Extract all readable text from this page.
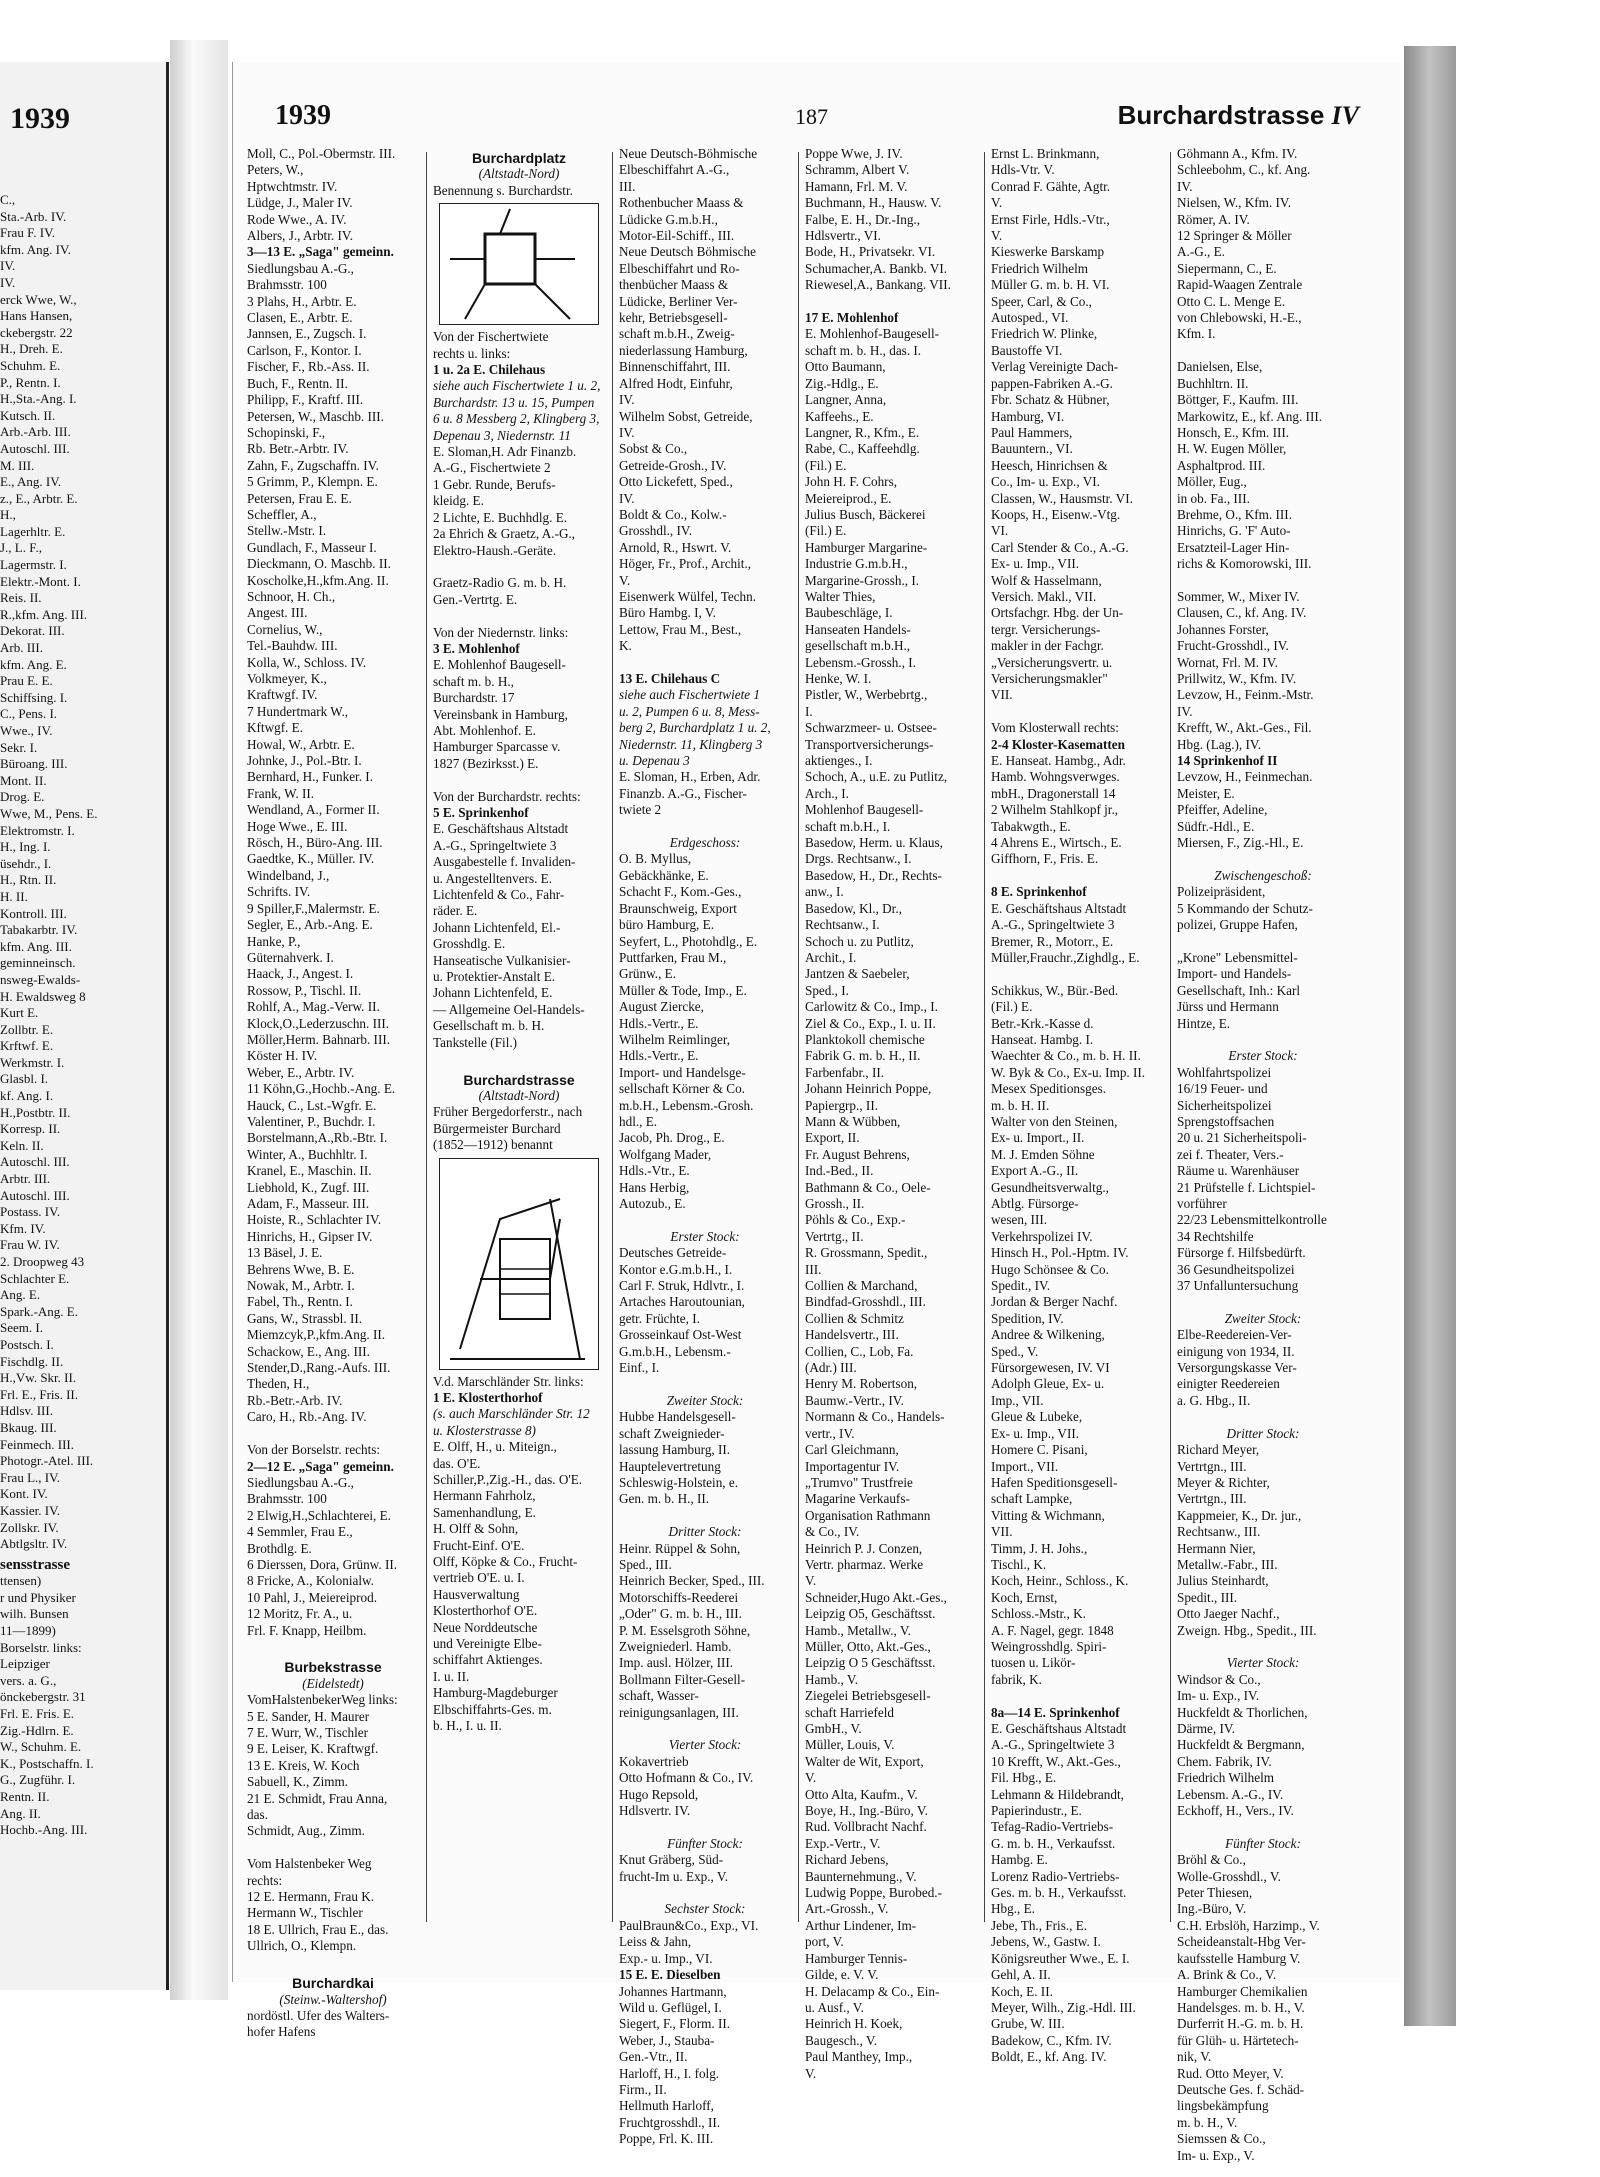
1939
C.,
Sta.-Arb. IV.
Frau F. IV.
kfm. Ang. IV.
IV.
IV.
erck Wwe, W.,
Hans Hansen,
ckebergstr. 22
H., Dreh. E.
Schuhm. E.
P., Rentn. I.
H.,Sta.-Ang. I.
Kutsch. II.
Arb.-Arb. III.
Autoschl. III.
M. III.
E., Ang. IV.
z., E., Arbtr. E.
H.,
Lagerhltr. E.
J., L. F.,
Lagermstr. I.
Elektr.-Mont. I.
Reis. II.
R.,kfm. Ang. III.
Dekorat. III.
Arb. III.
kfm. Ang. E.
Prau E. E.
Schiffsing. I.
C., Pens. I.
Wwe., IV.
Sekr. I.
Büroang. III.
Mont. II.
Drog. E.
Wwe, M., Pens. E.
Elektromstr. I.
H., Ing. I.
üsehdr., I.
H., Rtn. II.
H. II.
Kontroll. III.
Tabakarbtr. IV.
kfm. Ang. III.
geminneinsch.
nsweg-Ewalds-
H. Ewaldsweg 8
Kurt E.
Zollbtr. E.
Krftwf. E.
Werkmstr. I.
Glasbl. I.
kf. Ang. I.
H.,Postbtr. II.
Korresp. II.
Keln. II.
Autoschl. III.
Arbtr. III.
Autoschl. III.
Postass. IV.
Kfm. IV.
Frau W. IV.
2. Droopweg 43
Schlachter E.
Ang. E.
Spark.-Ang. E.
Seem. I.
Postsch. I.
Fischdlg. II.
H.,Vw. Skr. II.
Frl. E., Fris. II.
Hdlsv. III.
Bkaug. III.
Feinmech. III.
Photogr.-Atel. III.
Frau L., IV.
Kont. IV.
Kassier. IV.
Zollskr. IV.
Abtlgsltr. IV.
sensstrasse
ttensen)
r und Physiker
wilh. Bunsen
11—1899)
Borselstr. links:
Leipziger
vers. a. G.,
önckebergstr. 31
Frl. E. Fris. E.
Zig.-Hdlrn. E.
W., Schuhm. E.
K., Postschaffn. I.
G., Zugführ. I.
Rentn. II.
Ang. II.
Hochb.-Ang. III.
1939	187	Burchardstrasse IV
Moll, C., Pol.-Obermstr. III.
Peters, W.,
Hptwchtmstr. IV.
Lüdge, J., Maler IV.
Rode Wwe., A. IV.
Albers, J., Arbtr. IV.
3—13 E. „Saga" gemeinn.
Siedlungsbau A.-G.,
Brahmsstr. 100
3 Plahs, H., Arbtr. E.
Clasen, E., Arbtr. E.
Jannsen, E., Zugsch. I.
Carlson, F., Kontor. I.
Fischer, F., Rb.-Ass. II.
Buch, F., Rentn. II.
Philipp, F., Kraftf. III.
Petersen, W., Maschb. III.
Schopinski, F.,
Rb. Betr.-Arbtr. IV.
Zahn, F., Zugschaffn. IV.
5 Grimm, P., Klempn. E.
Petersen, Frau E. E.
Scheffler, A.,
Stellw.-Mstr. I.
Gundlach, F., Masseur I.
Dieckmann, O. Maschb. II.
Koscholke,H.,kfm.Ang. II.
Schnoor, H. Ch.,
Angest. III.
Cornelius, W.,
Tel.-Bauhdw. III.
Kolla, W., Schloss. IV.
Volkmeyer, K.,
Kraftwgf. IV.
7 Hundertmark W.,
Kftwgf. E.
Howal, W., Arbtr. E.
Johnke, J., Pol.-Btr. I.
Bernhard, H., Funker. I.
Frank, W. II.
Wendland, A., Former II.
Hoge Wwe., E. III.
Rösch, H., Büro-Ang. III.
Gaedtke, K., Müller. IV.
Windelband, J.,
Schrifts. IV.
9 Spiller,F.,Malermstr. E.
Segler, E., Arb.-Ang. E.
Hanke, P.,
Güternahverk. I.
Haack, J., Angest. I.
Rossow, P., Tischl. II.
Rohlf, A., Mag.-Verw. II.
Klock,O.,Lederzuschn. III.
Möller,Herm. Bahnarb. III.
Köster H. IV.
Weber, E., Arbtr. IV.
11 Köhn,G.,Hochb.-Ang. E.
Hauck, C., Lst.-Wgfr. E.
Valentiner, P., Buchdr. I.
Borstelmann,A.,Rb.-Btr. I.
Winter, A., Buchhltr. I.
Kranel, E., Maschin. II.
Liebhold, K., Zugf. III.
Adam, F., Masseur. III.
Hoiste, R., Schlachter IV.
Hinrichs, H., Gipser IV.
13 Bäsel, J. E.
Behrens Wwe, B. E.
Nowak, M., Arbtr. I.
Fabel, Th., Rentn. I.
Gans, W., Strassbl. II.
Miemzcyk,P.,kfm.Ang. II.
Schackow, E., Ang. III.
Stender,D.,Rang.-Aufs. III.
Theden, H.,
Rb.-Betr.-Arb. IV.
Caro, H., Rb.-Ang. IV.

Von der Borselstr. rechts:
2—12 E. „Saga" gemeinn.
Siedlungsbau A.-G.,
Brahmsstr. 100
2 Elwig,H.,Schlachterei, E.
4 Semmler, Frau E.,
Brothdlg. E.
6 Dierssen, Dora, Grünw. II.
8 Fricke, A., Kolonialw.
10 Pahl, J., Meiereiprod.
12 Moritz, Fr. A., u.
Frl. F. Knapp, Heilbm.

Burbekstrasse
(Eidelstedt)
VomHalstenbekerWeg links:
5 E. Sander, H. Maurer
7 E. Wurr, W., Tischler
9 E. Leiser, K. Kraftwgf.
13 E. Kreis, W. Koch
Sabuell, K., Zimm.
21 E. Schmidt, Frau Anna,
das.
Schmidt, Aug., Zimm.

Vom Halstenbeker Weg
rechts:
12 E. Hermann, Frau K.
Hermann W., Tischler
18 E. Ullrich, Frau E., das.
Ullrich, O., Klempn.

Burchardkai
(Steinw.-Waltershof)
nordöstl. Ufer des Walters-
hofer Hafens
Burchardplatz
(Altstadt-Nord)
Benennung s. Burchardstr.
Von der Fischertwiete
rechts u. links:
1 u. 2a E. Chilehaus
siehe auch Fischertwiete 1 u. 2,
Burchardstr. 13 u. 15, Pumpen
6 u. 8 Messberg 2, Klingberg 3,
Depenau 3, Niedernstr. 11
E. Sloman,H. Adr Finanzb.
A.-G., Fischertwiete 2
1 Gebr. Runde, Berufs-
kleidg. E.
2 Lichte, E. Buchhdlg. E.
2a Ehrich & Graetz, A.-G.,
Elektro-Haush.-Geräte.

Graetz-Radio G. m. b. H.
Gen.-Vertrtg. E.

Von der Niedernstr. links:
3 E. Mohlenhof
E. Mohlenhof Baugesell-
schaft m. b. H.,
Burchardstr. 17
Vereinsbank in Hamburg,
Abt. Mohlenhof. E.
Hamburger Sparcasse v.
1827 (Bezirksst.) E.

Von der Burchardstr. rechts:
5 E. Sprinkenhof
E. Geschäftshaus Altstadt
A.-G., Springeltwiete 3
Ausgabestelle f. Invaliden-
u. Angestelltenvers. E.
Lichtenfeld & Co., Fahr-
räder. E.
Johann Lichtenfeld, El.-
Grosshdlg. E.
Hanseatische Vulkanisier-
u. Protektier-Anstalt E.
Johann Lichtenfeld, E.
— Allgemeine Oel-Handels-
Gesellschaft m. b. H.
Tankstelle (Fil.)

Burchardstrasse
(Altstadt-Nord)
Früher Bergedorferstr., nach
Bürgermeister Burchard
(1852—1912) benannt
V.d. Marschländer Str. links:
1 E. Klosterthorhof
(s. auch Marschländer Str. 12
u. Klosterstrasse 8)
E. Olff, H., u. Miteign.,
das. O'E.
Schiller,P.,Zig.-H., das. O'E.
Hermann Fahrholz,
Samenhandlung, E.
H. Olff & Sohn,
Frucht-Einf. O'E.
Olff, Köpke & Co., Frucht-
vertrieb O'E. u. I.
Hausverwaltung
Klosterthorhof O'E.
Neue Norddeutsche
und Vereinigte Elbe-
schiffahrt Aktienges.
I. u. II.
Hamburg-Magdeburger
Elbschiffahrts-Ges. m.
b. H., I. u. II.
Neue Deutsch-Böhmische
Elbeschiffahrt A.-G.,
III.
Rothenbucher Maass &
Lüdicke G.m.b.H.,
Motor-Eil-Schiff., III.
Neue Deutsch Böhmische
Elbeschiffahrt und Ro-
thenbücher Maass &
Lüdicke, Berliner Ver-
kehr, Betriebsgesell-
schaft m.b.H., Zweig-
niederlassung Hamburg,
Binnenschiffahrt, III.
Alfred Hodt, Einfuhr,
IV.
Wilhelm Sobst, Getreide,
IV.
Sobst & Co.,
Getreide-Grosh., IV.
Otto Lickefett, Sped.,
IV.
Boldt & Co., Kolw.-
Grosshdl., IV.
Arnold, R., Hswrt. V.
Höger, Fr., Prof., Archit.,
V.
Eisenwerk Wülfel, Techn.
Büro Hambg. I, V.
Lettow, Frau M., Best.,
K.

13 E. Chilehaus C
siehe auch Fischertwiete 1
u. 2, Pumpen 6 u. 8, Mess-
berg 2, Burchardplatz 1 u. 2,
Niedernstr. 11, Klingberg 3
u. Depenau 3
E. Sloman, H., Erben, Adr.
Finanzb. A.-G., Fischer-
twiete 2

Erdgeschoss:
O. B. Myllus,
Gebäckhänke, E.
Schacht F., Kom.-Ges.,
Braunschweig, Export
büro Hamburg, E.
Seyfert, L., Photohdlg., E.
Puttfarken, Frau M.,
Grünw., E.
Müller & Tode, Imp., E.
August Ziercke,
Hdls.-Vertr., E.
Wilhelm Reimlinger,
Hdls.-Vertr., E.
Import- und Handelsge-
sellschaft Körner & Co.
m.b.H., Lebensm.-Grosh.
hdl., E.
Jacob, Ph. Drog., E.
Wolfgang Mader,
Hdls.-Vtr., E.
Hans Herbig,
Autozub., E.

Erster Stock:
Deutsches Getreide-
Kontor e.G.m.b.H., I.
Carl F. Struk, Hdlvtr., I.
Artaches Haroutounian,
getr. Früchte, I.
Grosseinkauf Ost-West
G.m.b.H., Lebensm.-
Einf., I.

Zweiter Stock:
Hubbe Handelsgesell-
schaft Zweignieder-
lassung Hamburg, II.
Hauptelevertretung
Schleswig-Holstein, e.
Gen. m. b. H., II.

Dritter Stock:
Heinr. Rüppel & Sohn,
Sped., III.
Heinrich Becker, Sped., III.
Motorschiffs-Reederei
„Oder" G. m. b. H., III.
P. M. Esselsgroth Söhne,
Zweigniederl. Hamb.
Imp. ausl. Hölzer, III.
Bollmann Filter-Gesell-
schaft, Wasser-
reinigungsanlagen, III.

Vierter Stock:
Kokavertrieb
Otto Hofmann & Co., IV.
Hugo Repsold,
Hdlsvertr. IV.

Fünfter Stock:
Knut Gräberg, Süd-
frucht-Im u. Exp., V.

Sechster Stock:
PaulBraun&Co., Exp., VI.
Leiss & Jahn,
Exp.- u. Imp., VI.
15 E. E. Dieselben
Johannes Hartmann,
Wild u. Geflügel, I.
Siegert, F., Florm. II.
Weber, J., Stauba-
Gen.-Vtr., II.
Harloff, H., I. folg.
Firm., II.
Hellmuth Harloff,
Fruchtgrosshdl., II.
Poppe, Frl. K. III.
Poppe Wwe, J. IV.
Schramm, Albert V.
Hamann, Frl. M. V.
Buchmann, H., Hausw. V.
Falbe, E. H., Dr.-Ing.,
Hdlsvertr., VI.
Bode, H., Privatsekr. VI.
Schumacher,A. Bankb. VI.
Riewesel,A., Bankang. VII.

17 E. Mohlenhof
E. Mohlenhof-Baugesell-
schaft m. b. H., das. I.
Otto Baumann,
Zig.-Hdlg., E.
Langner, Anna,
Kaffeehs., E.
Langner, R., Kfm., E.
Rabe, C., Kaffeehdlg.
(Fil.) E.
John H. F. Cohrs,
Meiereiprod., E.
Julius Busch, Bäckerei
(Fil.) E.
Hamburger Margarine-
Industrie G.m.b.H.,
Margarine-Grossh., I.
Walter Thies,
Baubeschläge, I.
Hanseaten Handels-
gesellschaft m.b.H.,
Lebensm.-Grossh., I.
Henke, W. I.
Pistler, W., Werbebrtg.,
I.
Schwarzmeer- u. Ostsee-
Transportversicherungs-
aktienges., I.
Schoch, A., u.E. zu Putlitz,
Arch., I.
Mohlenhof Baugesell-
schaft m.b.H., I.
Basedow, Herm. u. Klaus,
Drgs. Rechtsanw., I.
Basedow, H., Dr., Rechts-
anw., I.
Basedow, Kl., Dr.,
Rechtsanw., I.
Schoch u. zu Putlitz,
Archit., I.
Jantzen & Saebeler,
Sped., I.
Carlowitz & Co., Imp., I.
Ziel & Co., Exp., I. u. II.
Planktokoll chemische
Fabrik G. m. b. H., II.
Farbenfabr., II.
Johann Heinrich Poppe,
Papiergrp., II.
Mann & Wübben,
Export, II.
Fr. August Behrens,
Ind.-Bed., II.
Bathmann & Co., Oele-
Grossh., II.
Pöhls & Co., Exp.-
Vertrtg., II.
R. Grossmann, Spedit.,
III.
Collien & Marchand,
Bindfad-Grosshdl., III.
Collien & Schmitz
Handelsvertr., III.
Collien, C., Lob, Fa.
(Adr.) III.
Henry M. Robertson,
Baumw.-Vertr., IV.
Normann & Co., Handels-
vertr., IV.
Carl Gleichmann,
Importagentur IV.
„Trumvo" Trustfreie
Magarine Verkaufs-
Organisation Rathmann
& Co., IV.
Heinrich P. J. Conzen,
Vertr. pharmaz. Werke
V.
Schneider,Hugo Akt.-Ges.,
Leipzig O5, Geschäftsst.
Hamb., Metallw., V.
Müller, Otto, Akt.-Ges.,
Leipzig O 5 Geschäftsst.
Hamb., V.
Ziegelei Betriebsgesell-
schaft Harriefeld
GmbH., V.
Müller, Louis, V.
Walter de Wit, Export,
V.
Otto Alta, Kaufm., V.
Boye, H., Ing.-Büro, V.
Rud. Vollbracht Nachf.
Exp.-Vertr., V.
Richard Jebens,
Baunternehmung., V.
Ludwig Poppe, Burobed.-
Art.-Grossh., V.
Arthur Lindener, Im-
port, V.
Hamburger Tennis-
Gilde, e. V. V.
H. Delacamp & Co., Ein-
u. Ausf., V.
Heinrich H. Koek,
Baugesch., V.
Paul Manthey, Imp.,
V.
Ernst L. Brinkmann,
Hdls-Vtr. V.
Conrad F. Gähte, Agtr.
V.
Ernst Firle, Hdls.-Vtr.,
V.
Kieswerke Barskamp
Friedrich Wilhelm
Müller G. m. b. H. VI.
Speer, Carl, & Co.,
Autosped., VI.
Friedrich W. Plinke,
Baustoffe VI.
Verlag Vereinigte Dach-
pappen-Fabriken A.-G.
Fbr. Schatz & Hübner,
Hamburg, VI.
Paul Hammers,
Bauuntern., VI.
Heesch, Hinrichsen &
Co., Im- u. Exp., VI.
Classen, W., Hausmstr. VI.
Koops, H., Eisenw.-Vtg.
VI.
Carl Stender & Co., A.-G.
Ex- u. Imp., VII.
Wolf & Hasselmann,
Versich. Makl., VII.
Ortsfachgr. Hbg. der Un-
tergr. Versicherungs-
makler in der Fachgr.
„Versicherungsvertr. u.
Versicherungsmakler"
VII.

Vom Klosterwall rechts:
2-4 Kloster-Kasematten
E. Hanseat. Hambg., Adr.
Hamb. Wohngsverwges.
mbH., Dragonerstall 14
2 Wilhelm Stahlkopf jr.,
Tabakwgth., E.
4 Ahrens E., Wirtsch., E.
Giffhorn, F., Fris. E.

8 E. Sprinkenhof
E. Geschäftshaus Altstadt
A.-G., Springeltwiete 3
Bremer, R., Motorr., E.
Müller,Frauchr.,Zighdlg., E.

Schikkus, W., Bür.-Bed.
(Fil.) E.
Betr.-Krk.-Kasse d.
Hanseat. Hambg. I.
Waechter & Co., m. b. H. II.
W. Byk & Co., Ex-u. Imp. II.
Mesex Speditionsges.
m. b. H. II.
Walter von den Steinen,
Ex- u. Import., II.
M. J. Emden Söhne
Export A.-G., II.
Gesundheitsverwaltg.,
Abtlg. Fürsorge-
wesen, III.
Verkehrspolizei IV.
Hinsch H., Pol.-Hptm. IV.
Hugo Schönsee & Co.
Spedit., IV.
Jordan & Berger Nachf.
Spedition, IV.
Andree & Wilkening,
Sped., V.
Fürsorgewesen, IV. VI
Adolph Gleue, Ex- u.
Imp., VII.
Gleue & Lubeke,
Ex- u. Imp., VII.
Homere C. Pisani,
Import., VII.
Hafen Speditionsgesell-
schaft Lampke,
Vitting & Wichmann,
VII.
Timm, J. H. Johs.,
Tischl., K.
Koch, Heinr., Schloss., K.
Koch, Ernst,
Schloss.-Mstr., K.
A. F. Nagel, gegr. 1848
Weingrosshdlg. Spiri-
tuosen u. Likör-
fabrik, K.

8a—14 E. Sprinkenhof
E. Geschäftshaus Altstadt
A.-G., Springeltwiete 3
10 Krefft, W., Akt.-Ges.,
Fil. Hbg., E.
Lehmann & Hildebrandt,
Papierindustr., E.
Tefag-Radio-Vertriebs-
G. m. b. H., Verkaufsst.
Hambg. E.
Lorenz Radio-Vertriebs-
Ges. m. b. H., Verkaufsst.
Hbg., E.
Jebe, Th., Fris., E.
Jebens, W., Gastw. I.
Königsreuther Wwe., E. I.
Gehl, A. II.
Koch, E. II.
Meyer, Wilh., Zig.-Hdl. III.
Grube, W. III.
Badekow, C., Kfm. IV.
Boldt, E., kf. Ang. IV.
Göhmann A., Kfm. IV.
Schleebohm, C., kf. Ang.
IV.
Nielsen, W., Kfm. IV.
Römer, A. IV.
12 Springer & Möller
A.-G., E.
Siepermann, C., E.
Rapid-Waagen Zentrale
Otto C. L. Menge E.
von Chlebowski, H.-E.,
Kfm. I.

Danielsen, Else,
Buchhltrn. II.
Böttger, F., Kaufm. III.
Markowitz, E., kf. Ang. III.
Honsch, E., Kfm. III.
H. W. Eugen Möller,
Asphaltprod. III.
Möller, Eug.,
in ob. Fa., III.
Brehme, O., Kfm. III.
Hinrichs, G. 'F' Auto-
Ersatzteil-Lager Hin-
richs & Komorowski, III.

Sommer, W., Mixer IV.
Clausen, C., kf. Ang. IV.
Johannes Forster,
Frucht-Grosshdl., IV.
Wornat, Frl. M. IV.
Prillwitz, W., Kfm. IV.
Levzow, H., Feinm.-Mstr.
IV.
Krefft, W., Akt.-Ges., Fil.
Hbg. (Lag.), IV.
14 Sprinkenhof II
Levzow, H., Feinmechan.
Meister, E.
Pfeiffer, Adeline,
Südfr.-Hdl., E.
Miersen, F., Zig.-Hl., E.

Zwischengeschoß:
Polizeipräsident,
5 Kommando der Schutz-
polizei, Gruppe Hafen,

„Krone" Lebensmittel-
Import- und Handels-
Gesellschaft, Inh.: Karl
Jürss und Hermann
Hintze, E.

Erster Stock:
Wohlfahrtspolizei
16/19 Feuer- und
Sicherheitspolizei
Sprengstoffsachen
20 u. 21 Sicherheitspoli-
zei f. Theater, Vers.-
Räume u. Warenhäuser
21 Prüfstelle f. Lichtspiel-
vorführer
22/23 Lebensmittelkontrolle
34 Rechtshilfe
Fürsorge f. Hilfsbedürft.
36 Gesundheitspolizei
37 Unfalluntersuchung

Zweiter Stock:
Elbe-Reedereien-Ver-
einigung von 1934, II.
Versorgungskasse Ver-
einigter Reedereien
a. G. Hbg., II.

Dritter Stock:
Richard Meyer,
Vertrtgn., III.
Meyer & Richter,
Vertrtgn., III.
Kappmeier, K., Dr. jur.,
Rechtsanw., III.
Hermann Nier,
Metallw.-Fabr., III.
Julius Steinhardt,
Spedit., III.
Otto Jaeger Nachf.,
Zweign. Hbg., Spedit., III.

Vierter Stock:
Windsor & Co.,
Im- u. Exp., IV.
Huckfeldt & Thorlichen,
Därme, IV.
Huckfeldt & Bergmann,
Chem. Fabrik, IV.
Friedrich Wilhelm
Lebensm. A.-G., IV.
Eckhoff, H., Vers., IV.

Fünfter Stock:
Bröhl & Co.,
Wolle-Grosshdl., V.
Peter Thiesen,
Ing.-Büro, V.
C.H. Erbslöh, Harzimp., V.
Scheideanstalt-Hbg Ver-
kaufsstelle Hamburg V.
A. Brink & Co., V.
Hamburger Chemikalien
Handelsges. m. b. H., V.
Durferrit H.-G. m. b. H.
für Glüh- u. Härtetech-
nik, V.
Rud. Otto Meyer, V.
Deutsche Ges. f. Schäd-
lingsbekämpfung
m. b. H., V.
Siemssen & Co.,
Im- u. Exp., V.
